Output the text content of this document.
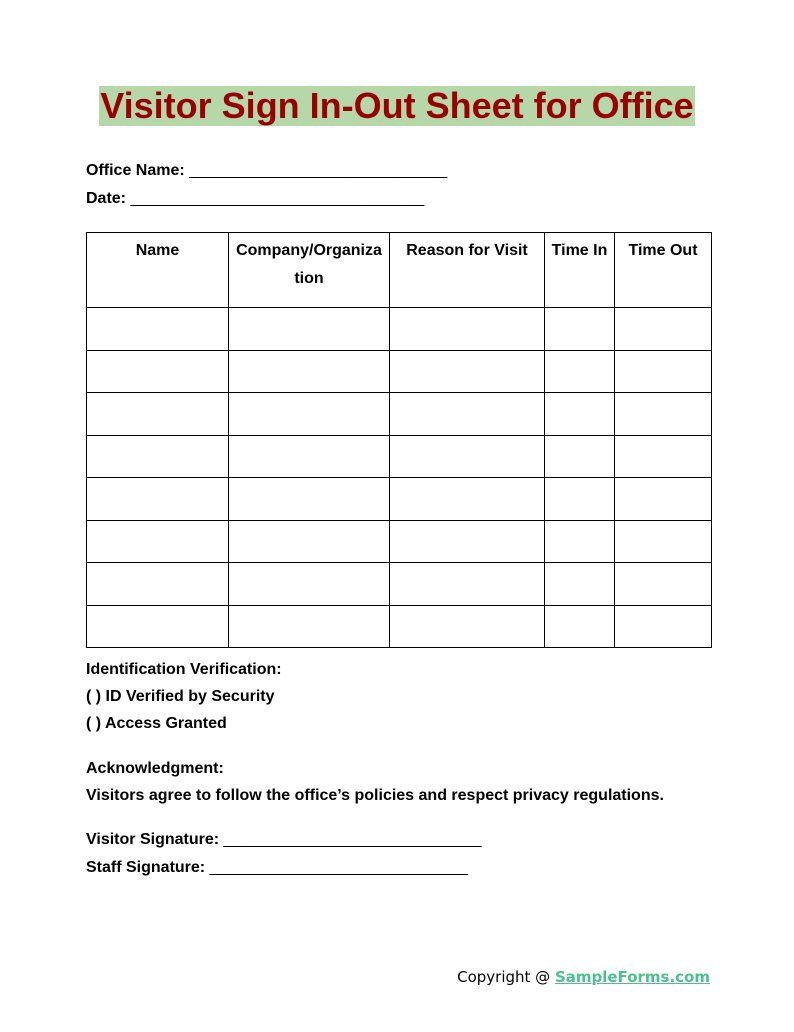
Visitor Sign In-Out Sheet for Office
Office Name: _____________________________
Date: _________________________________
Name	Company/Organization	Reason for Visit	Time In	Time Out

Identification Verification:
( ) ID Verified by Security
( ) Access Granted
Acknowledgment:
Visitors agree to follow the office’s policies and respect privacy regulations.
Visitor Signature: _____________________________
Staff Signature: _____________________________
Copyright @ SampleForms.com
